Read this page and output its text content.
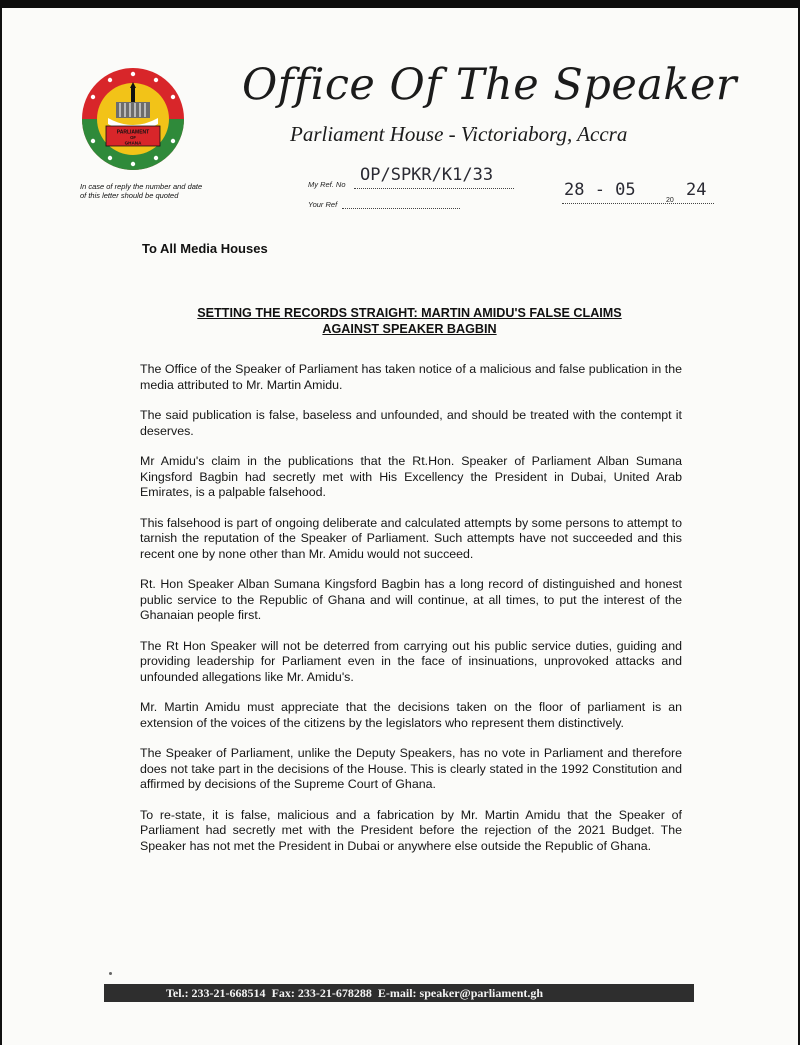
PARLIAMENT
OF
GHANA
In case of reply the number and date of this letter should be quoted
Office Of The Speaker
Parliament House - Victoriaborg, Accra
My Ref. No OP/SPKR/K1/33
Your Ref
28 - 05
20
24
To All Media Houses
SETTING THE RECORDS STRAIGHT: MARTIN AMIDU'S FALSE CLAIMS
AGAINST SPEAKER BAGBIN

The Office of the Speaker of Parliament has taken notice of a malicious and false publication in the media attributed to Mr. Martin Amidu.

The said publication is false, baseless and unfounded, and should be treated with the contempt it deserves.

Mr Amidu's claim in the publications that the Rt.Hon. Speaker of Parliament Alban Sumana Kingsford Bagbin had secretly met with His Excellency the President in Dubai, United Arab Emirates, is a palpable falsehood.

This falsehood is part of ongoing deliberate and calculated attempts by some persons to attempt to tarnish the reputation of the Speaker of Parliament. Such attempts have not succeeded and this recent one by none other than Mr. Amidu would not succeed.

Rt. Hon Speaker Alban Sumana Kingsford Bagbin has a long record of distinguished and honest public service to the Republic of Ghana and will continue, at all times, to put the interest of the Ghanaian people first.

The Rt Hon Speaker will not be deterred from carrying out his public service duties, guiding and providing leadership for Parliament even in the face of insinuations, unprovoked attacks and unfounded allegations like Mr. Amidu's.

Mr. Martin Amidu must appreciate that the decisions taken on the floor of parliament is an extension of the voices of the citizens by the legislators who represent them distinctively.

The Speaker of Parliament, unlike the Deputy Speakers, has no vote in Parliament and therefore does not take part in the decisions of the House. This is clearly stated in the 1992 Constitution and affirmed by decisions of the Supreme Court of Ghana.

To re-state, it is false, malicious and a fabrication by Mr. Martin Amidu that the Speaker of Parliament had secretly met with the President before the rejection of the 2021 Budget. The Speaker has not met the President in Dubai or anywhere else outside the Republic of Ghana.

Tel.: 233-21-668514 Fax: 233-21-678288 E-mail: speaker@parliament.gh
